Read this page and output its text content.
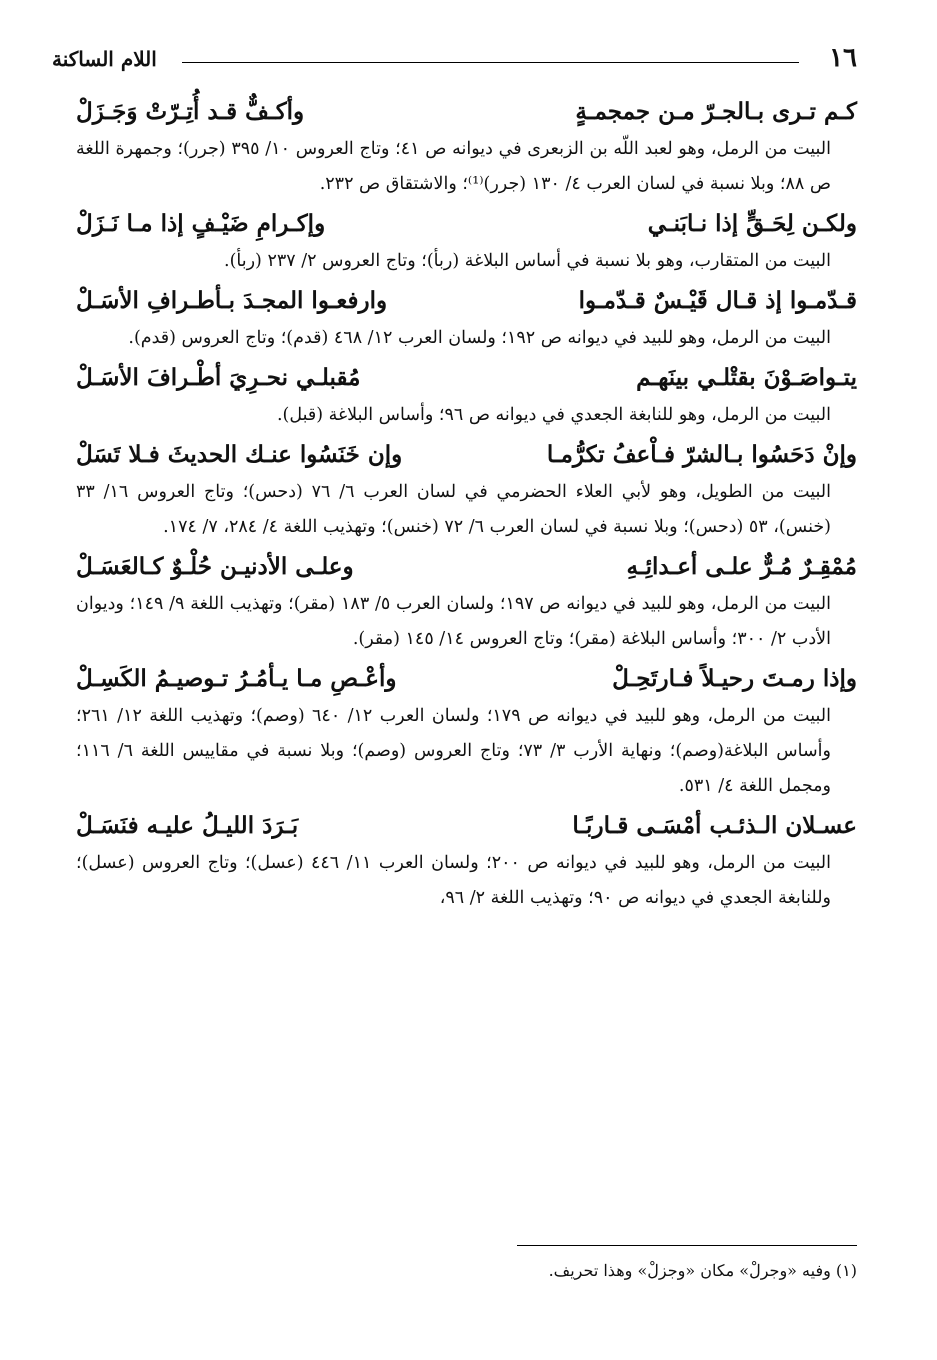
١٦
اللام الساكنة
كـم تـرى بـالجـرّ مـن جمجمـةٍ
وأكـفٌّ قـد أُتِـرّتْ وَجَـزَلْ
البيت من الرمل، وهو لعبد اللّه بن الزبعرى في ديوانه ص ٤١؛ وتاج العروس ١٠/ ٣٩٥ (جرر)؛ وجمهرة اللغة ص ٨٨؛ وبلا نسبة في لسان العرب ٤/ ١٣٠ (جرر)⁽¹⁾؛ والاشتقاق ص ٢٣٢.
ولكـن لِحَـقٍّ إذا نـابَنـي
وإكـرامِ ضَيْـفٍ إذا مـا نَـزَلْ
البيت من المتقارب، وهو بلا نسبة في أساس البلاغة (ربأ)؛ وتاج العروس ٢/ ٢٣٧ (ربأ).
قـدّمـوا إذ قـال قَيْـسٌ قـدّمـوا
وارفعـوا المجـدَ بـأطـرافِ الأسَـلْ
البيت من الرمل، وهو للبيد في ديوانه ص ١٩٢؛ ولسان العرب ١٢/ ٤٦٨ (قدم)؛ وتاج العروس (قدم).
يتـواصَـوْنَ بقتْلـي بينَهـم
مُقبلـي نحـرِيَ أطْـرافَ الأسَـلْ
البيت من الرمل، وهو للنابغة الجعدي في ديوانه ص ٩٦؛ وأساس البلاغة (قبل).
وإنْ دَحَسُوا بـالشرّ فـاْعفُ تكرُّمـا
وإن خَنَسُوا عنـك الحديثَ فـلا تَسَلْ
البيت من الطويل، وهو لأبي العلاء الحضرمي في لسان العرب ٦/ ٧٦ (دحس)؛ وتاج العروس ١٦/ ٣٣ (خنس)، ٥٣ (دحس)؛ وبلا نسبة في لسان العرب ٦/ ٧٢ (خنس)؛ وتهذيب اللغة ٤/ ٢٨٤، ٧/ ١٧٤.
مُمْقِـرٌ مُـرٌّ علـى أعـدائِـهِ
وعلـى الأدنيـن حُلْـوٌ كـالعَسَـلْ
البيت من الرمل، وهو للبيد في ديوانه ص ١٩٧؛ ولسان العرب ٥/ ١٨٣ (مقر)؛ وتهذيب اللغة ٩/ ١٤٩؛ وديوان الأدب ٢/ ٣٠٠؛ وأساس البلاغة (مقر)؛ وتاج العروس ١٤/ ١٤٥ (مقر).
وإذا رمـتَ رحيـلاً فـارتَحِـلْ
وأعْـصِ مـا يـأمُـرُ تـوصيـمُ الكَسِـلْ
البيت من الرمل، وهو للبيد في ديوانه ص ١٧٩؛ ولسان العرب ١٢/ ٦٤٠ (وصم)؛ وتهذيب اللغة ١٢/ ٢٦١؛ وأساس البلاغة(وصم)؛ ونهاية الأرب ٣/ ٧٣؛ وتاج العروس (وصم)؛ وبلا نسبة في مقاييس اللغة ٦/ ١١٦؛ ومجمل اللغة ٤/ ٥٣١.
عسـلان الـذئـب أمْسَـى قـاربًـا
بَـرَدَ الليـلُ عليـه فنَسَـلْ
البيت من الرمل، وهو للبيد في ديوانه ص ٢٠٠؛ ولسان العرب ١١/ ٤٤٦ (عسل)؛ وتاج العروس (عسل)؛ وللنابغة الجعدي في ديوانه ص ٩٠؛ وتهذيب اللغة ٢/ ٩٦،
(١) وفيه «وجرلْ» مكان «وجزلْ» وهذا تحريف.
